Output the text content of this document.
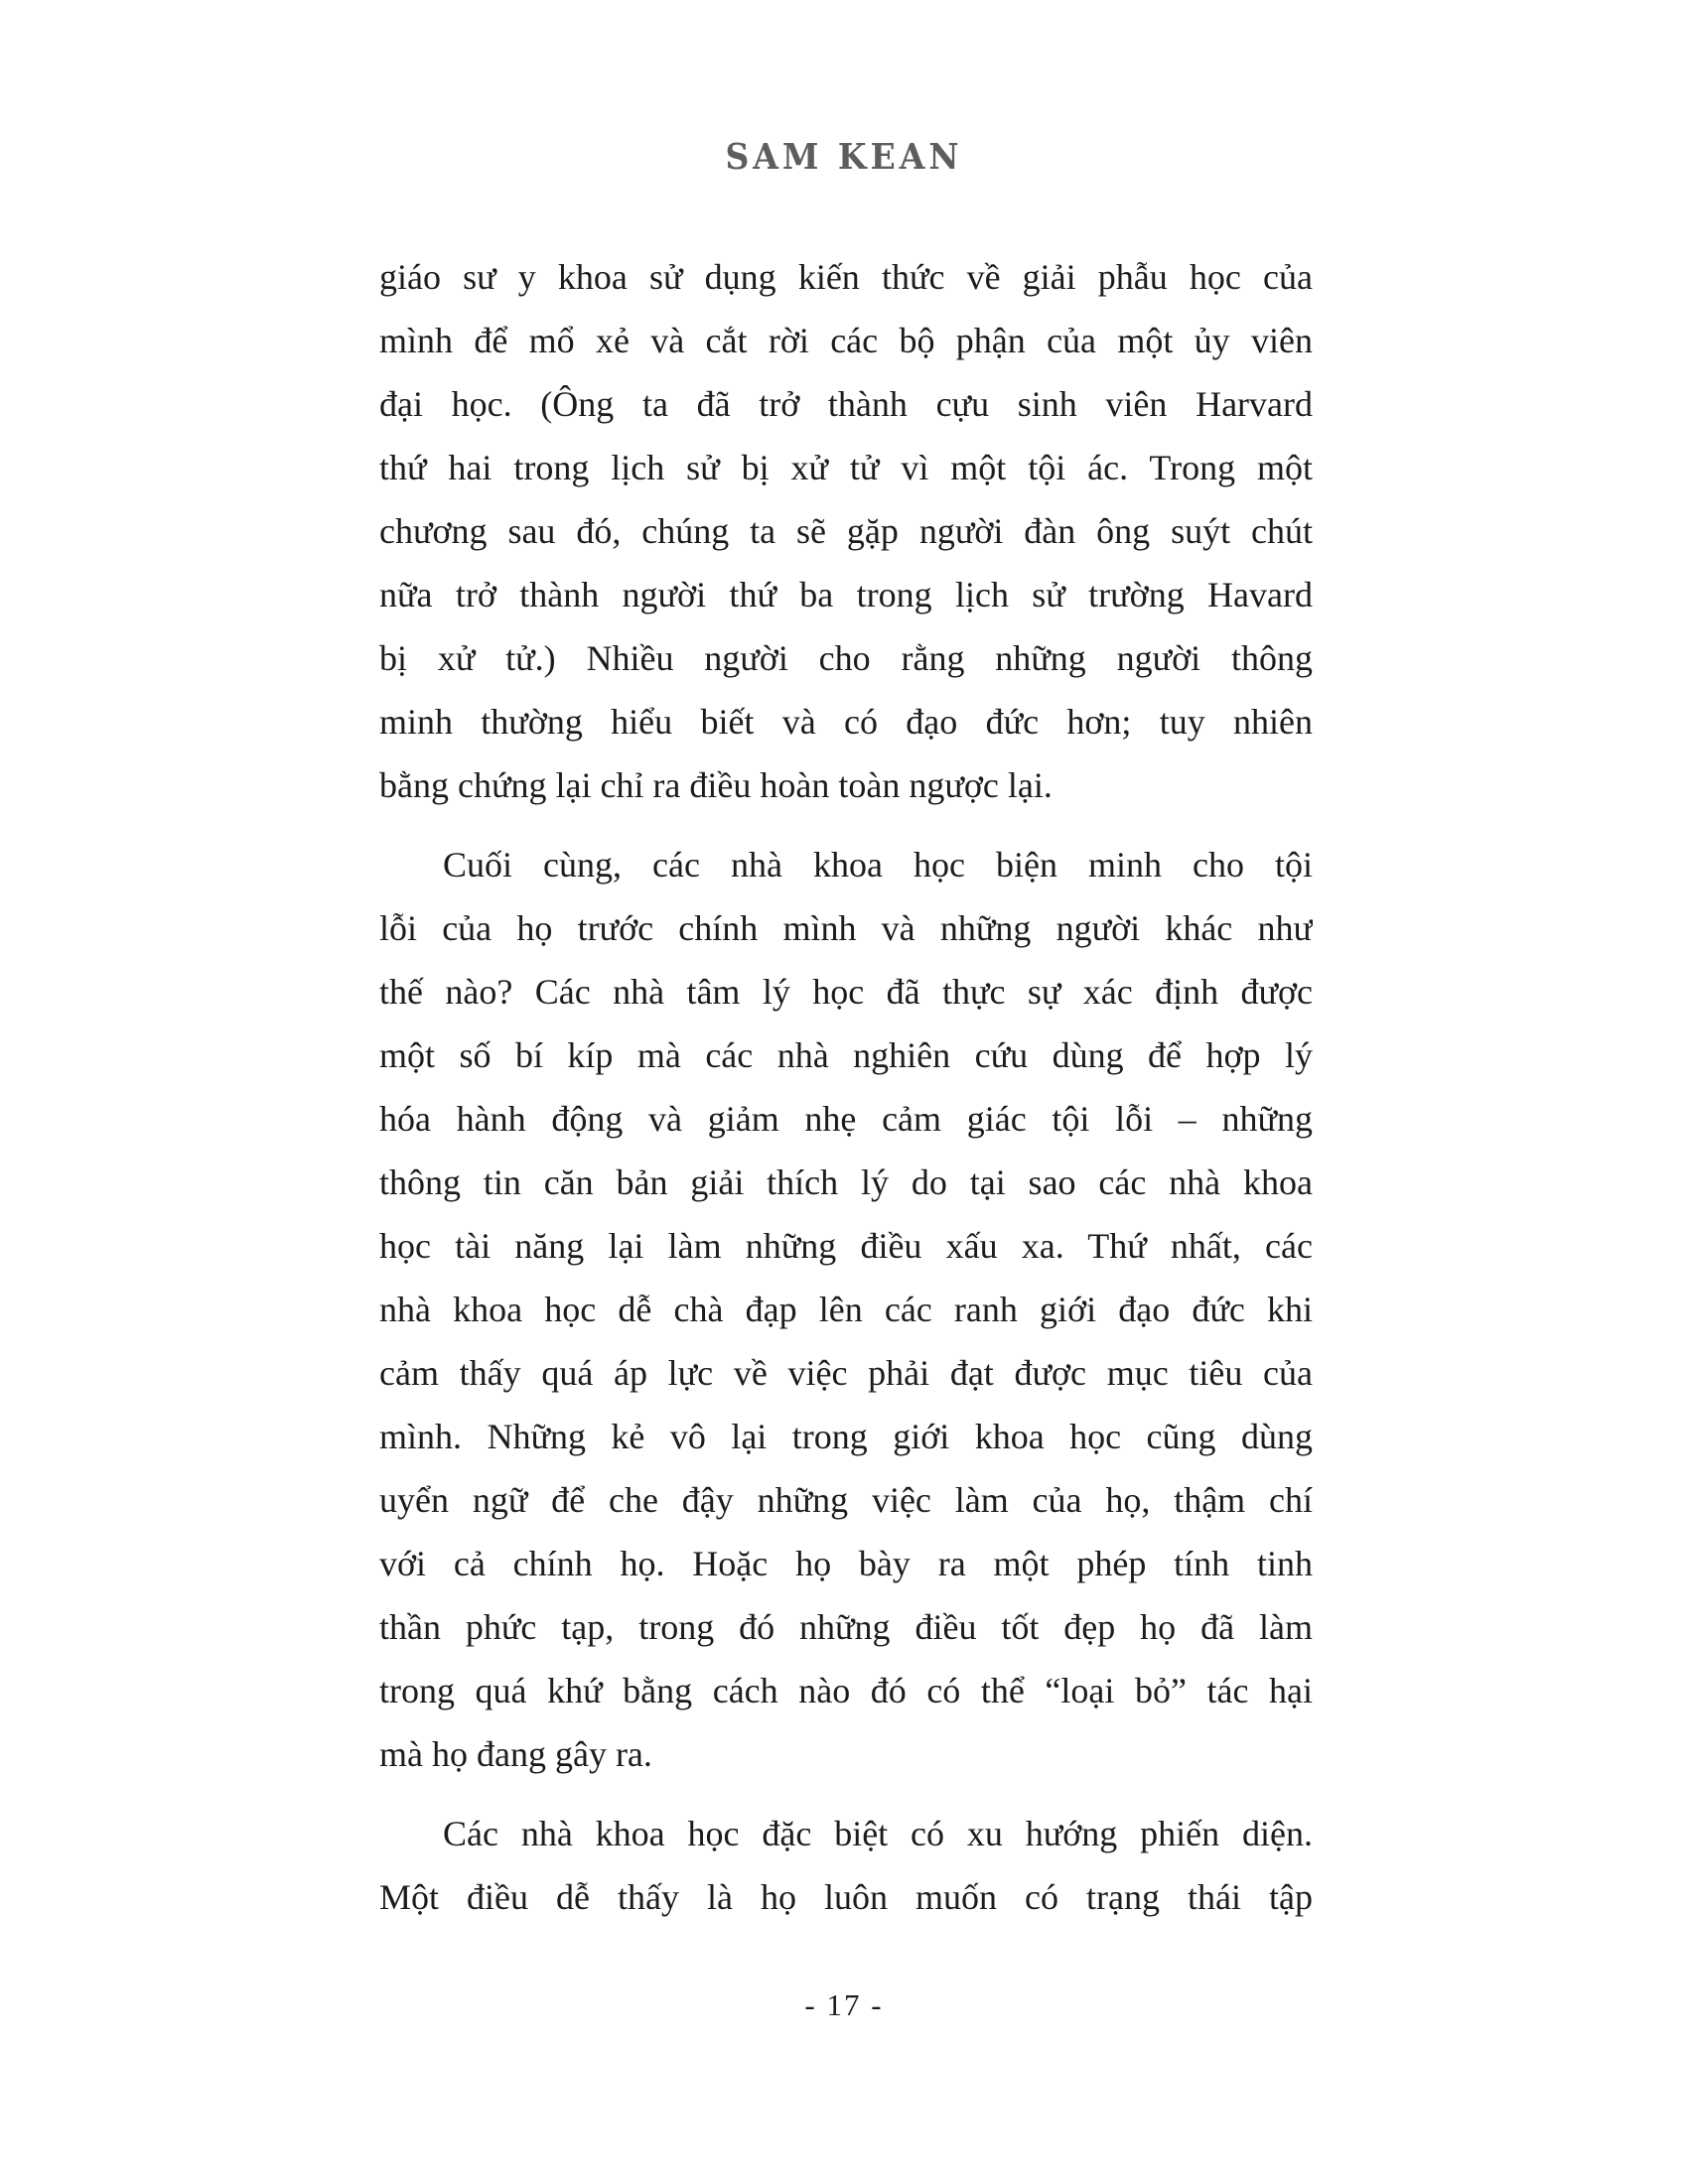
SAM KEAN
giáo sư y khoa sử dụng kiến thức về giải phẫu học của
mình để mổ xẻ và cắt rời các bộ phận của một ủy viên
đại học. (Ông ta đã trở thành cựu sinh viên Harvard
thứ hai trong lịch sử bị xử tử vì một tội ác. Trong một
chương sau đó, chúng ta sẽ gặp người đàn ông suýt chút
nữa trở thành người thứ ba trong lịch sử trường Havard
bị xử tử.) Nhiều người cho rằng những người thông
minh thường hiểu biết và có đạo đức hơn; tuy nhiên
bằng chứng lại chỉ ra điều hoàn toàn ngược lại.
Cuối cùng, các nhà khoa học biện minh cho tội
lỗi của họ trước chính mình và những người khác như
thế nào? Các nhà tâm lý học đã thực sự xác định được
một số bí kíp mà các nhà nghiên cứu dùng để hợp lý
hóa hành động và giảm nhẹ cảm giác tội lỗi – những
thông tin căn bản giải thích lý do tại sao các nhà khoa
học tài năng lại làm những điều xấu xa. Thứ nhất, các
nhà khoa học dễ chà đạp lên các ranh giới đạo đức khi
cảm thấy quá áp lực về việc phải đạt được mục tiêu của
mình. Những kẻ vô lại trong giới khoa học cũng dùng
uyển ngữ để che đậy những việc làm của họ, thậm chí
với cả chính họ. Hoặc họ bày ra một phép tính tinh
thần phức tạp, trong đó những điều tốt đẹp họ đã làm
trong quá khứ bằng cách nào đó có thể “loại bỏ” tác hại
mà họ đang gây ra.
Các nhà khoa học đặc biệt có xu hướng phiến diện.
Một điều dễ thấy là họ luôn muốn có trạng thái tập
- 17 -
